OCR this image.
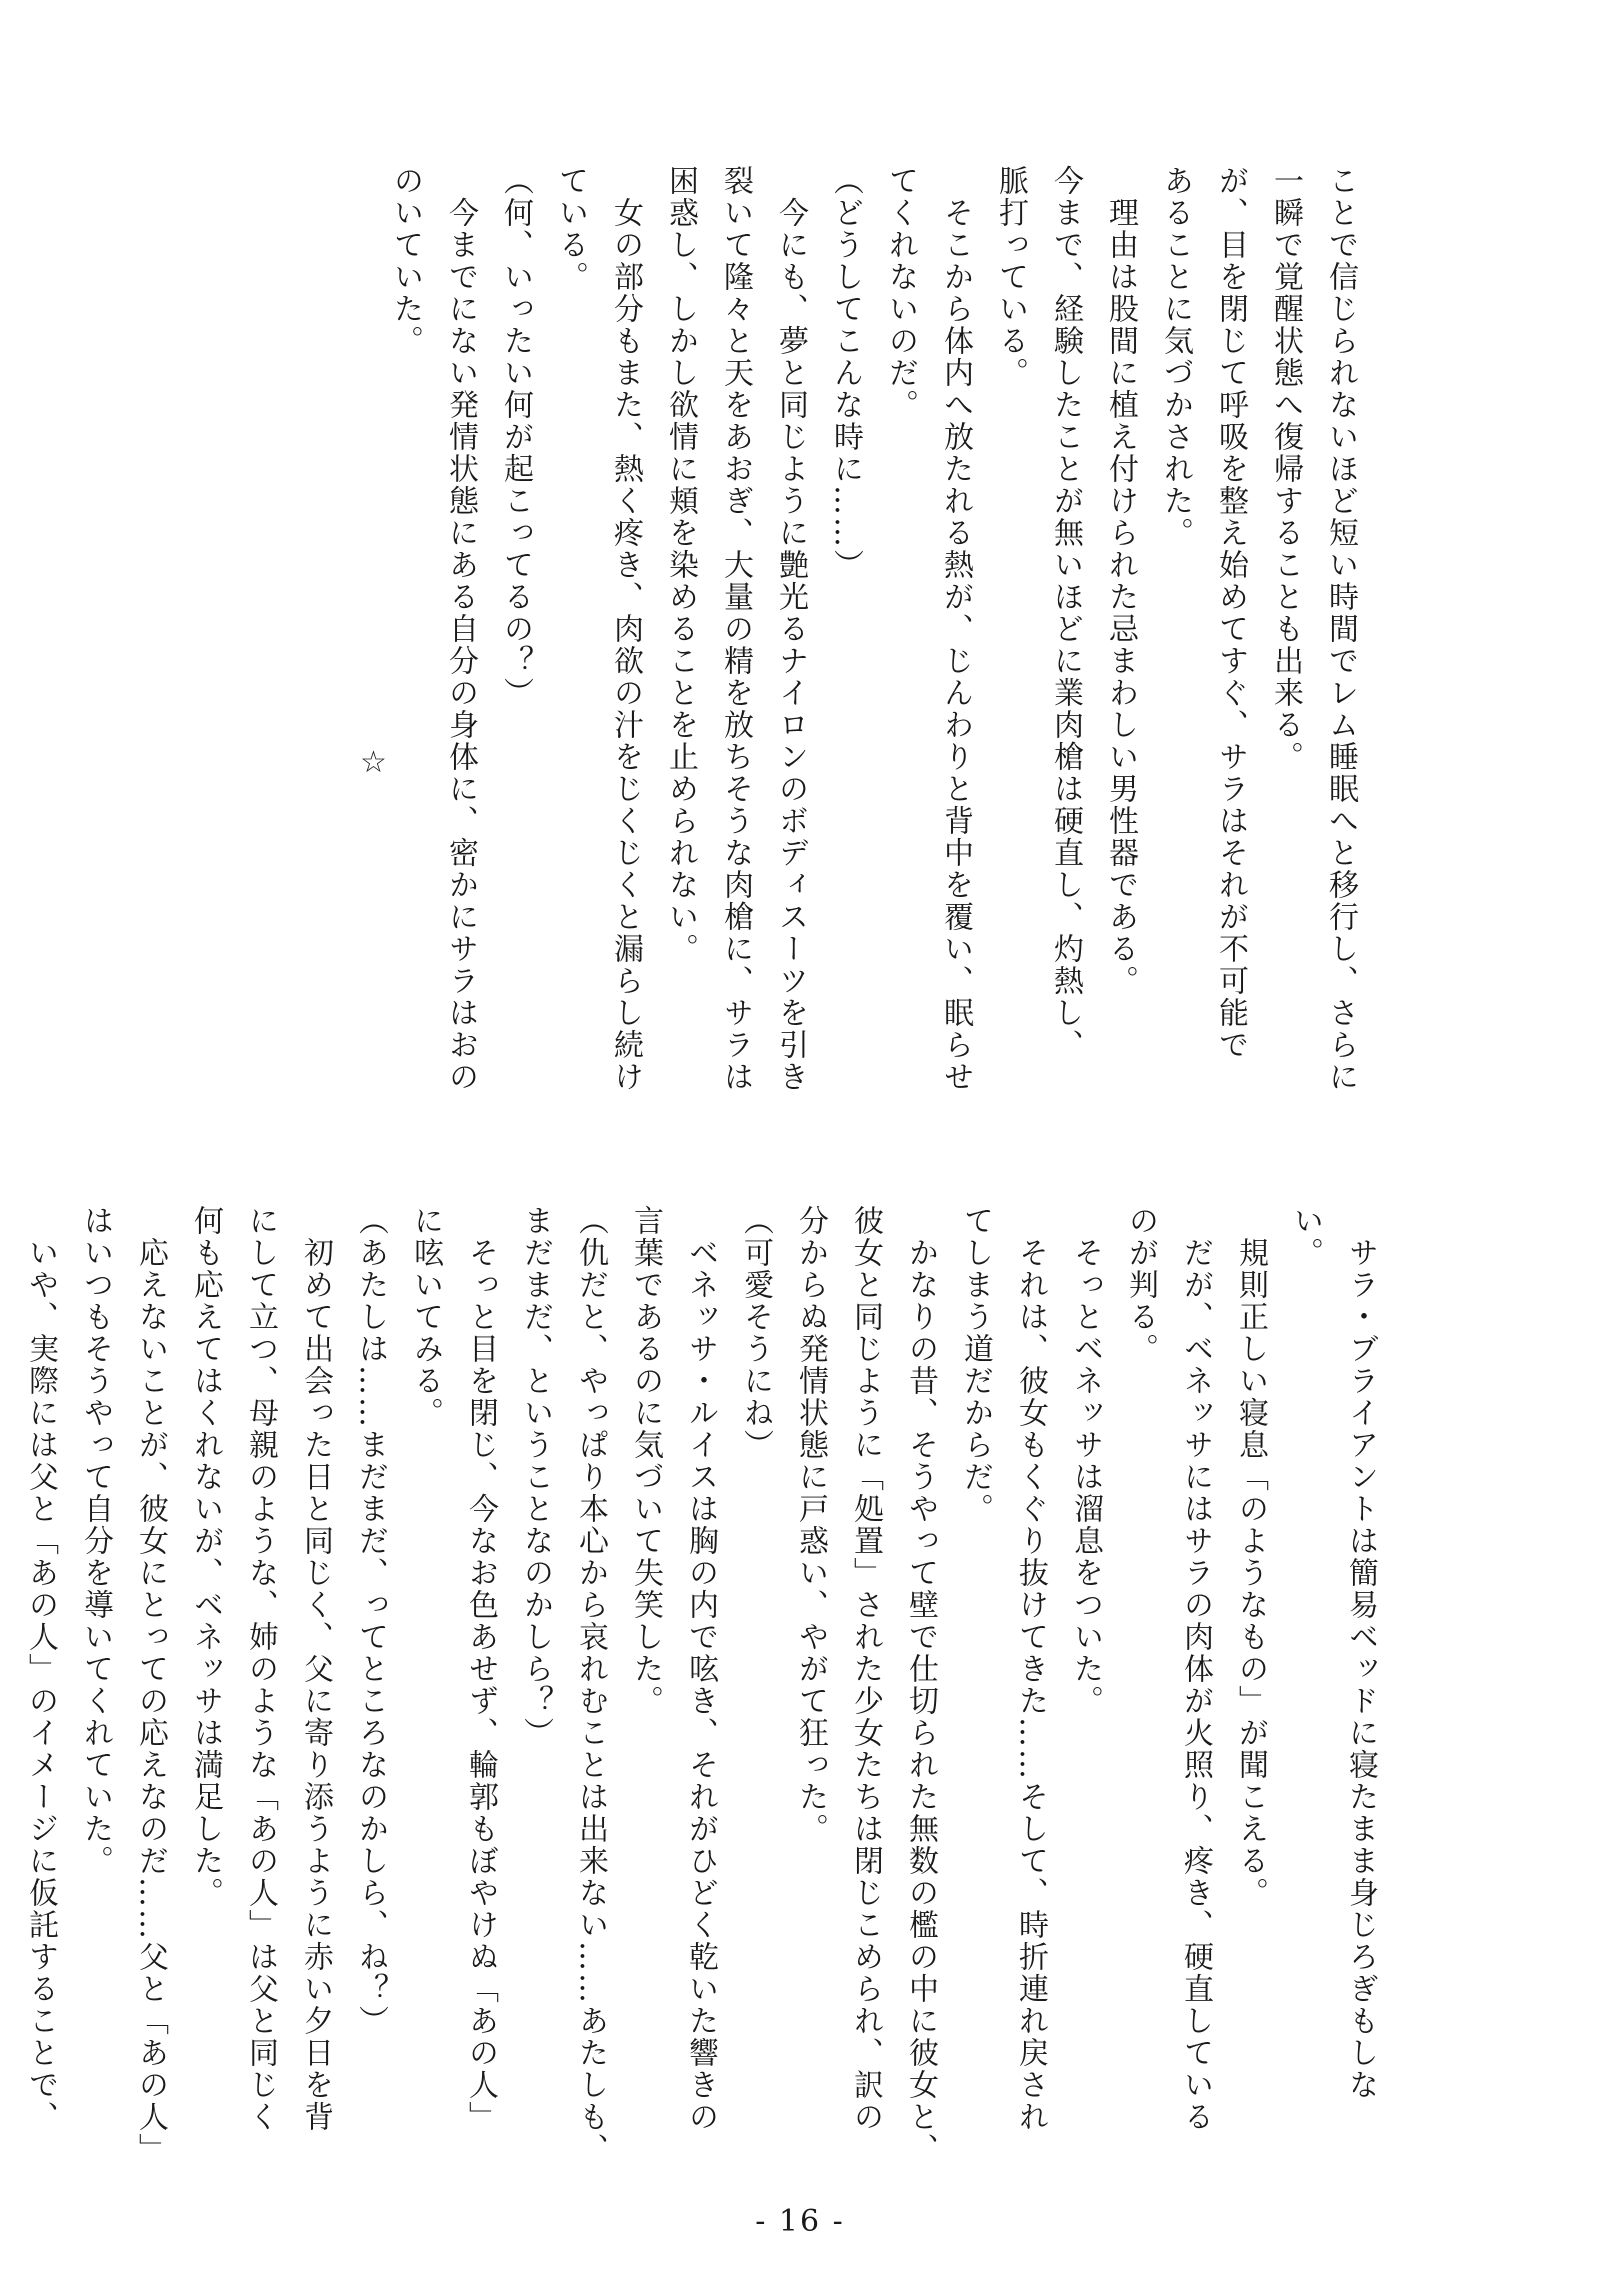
ことで信じられないほど短い時間でレム睡眠へと移行し、さらに
一瞬で覚醒状態へ復帰することも出来る。
が、目を閉じて呼吸を整え始めてすぐ、サラはそれが不可能で
あることに気づかされた。
　理由は股間に植え付けられた忌まわしい男性器である。
今まで、経験したことが無いほどに業肉槍は硬直し、灼熱し、
脈打っている。
　そこから体内へ放たれる熱が、じんわりと背中を覆い、眠らせ
てくれないのだ。
（どうしてこんな時に……）
　今にも、夢と同じように艶光るナイロンのボディスーツを引き
裂いて隆々と天をあおぎ、大量の精を放ちそうな肉槍に、サラは
困惑し、しかし欲情に頬を染めることを止められない。
　女の部分もまた、熱く疼き、肉欲の汁をじくじくと漏らし続け
ている。
（何、いったい何が起こってるの？）
　今までにない発情状態にある自分の身体に、密かにサラはおの
のいていた。
☆
　サラ・ブライアントは簡易ベッドに寝たまま身じろぎもしな
い。
　規則正しい寝息「のようなもの」が聞こえる。
　だが、ベネッサにはサラの肉体が火照り、疼き、硬直している
のが判る。
　そっとベネッサは溜息をついた。
　それは、彼女もくぐり抜けてきた……そして、時折連れ戻され
てしまう道だからだ。
　かなりの昔、そうやって壁で仕切られた無数の檻の中に彼女と、
彼女と同じように「処置」された少女たちは閉じこめられ、訳の
分からぬ発情状態に戸惑い、やがて狂った。
（可愛そうにね）
　ベネッサ・ルイスは胸の内で呟き、それがひどく乾いた響きの
言葉であるのに気づいて失笑した。
（仇だと、やっぱり本心から哀れむことは出来ない……あたしも、
まだまだ、ということなのかしら？）
　そっと目を閉じ、今なお色あせず、輪郭もぼやけぬ「あの人」
に呟いてみる。
（あたしは……まだまだ、ってところなのかしら、ね？）
　初めて出会った日と同じく、父に寄り添うように赤い夕日を背
にして立つ、母親のような、姉のような「あの人」は父と同じく
何も応えてはくれないが、ベネッサは満足した。
　応えないことが、彼女にとっての応えなのだ……父と「あの人」
はいつもそうやって自分を導いてくれていた。
　いや、実際には父と「あの人」のイメージに仮託することで、
- 16 -
